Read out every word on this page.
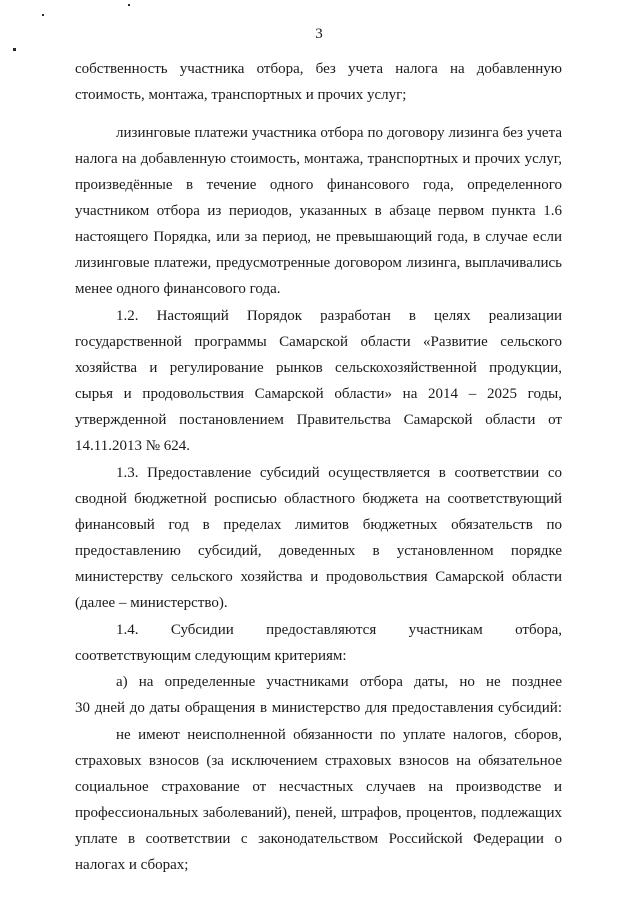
3
собственность участника отбора, без учета налога на добавленную
стоимость, монтажа, транспортных и прочих услуг;
лизинговые платежи участника отбора по договору лизинга без учета
налога на добавленную стоимость, монтажа, транспортных и прочих услуг,
произведённые в течение одного финансового года, определенного
участником отбора из периодов, указанных в абзаце первом пункта 1.6
настоящего Порядка, или за период, не превышающий года, в случае если
лизинговые платежи, предусмотренные договором лизинга, выплачивались
менее одного финансового года.
1.2. Настоящий Порядок разработан в целях реализации
государственной программы Самарской области «Развитие сельского
хозяйства и регулирование рынков сельскохозяйственной продукции,
сырья и продовольствия Самарской области» на 2014 – 2025 годы,
утвержденной постановлением Правительства Самарской области от
14.11.2013 № 624.
1.3. Предоставление субсидий осуществляется в соответствии со
сводной бюджетной росписью областного бюджета на соответствующий
финансовый год в пределах лимитов бюджетных обязательств по
предоставлению субсидий, доведенных в установленном порядке
министерству сельского хозяйства и продовольствия Самарской области
(далее – министерство).
1.4. Субсидии предоставляются участникам отбора,
соответствующим следующим критериям:
а) на определенные участниками отбора даты, но не позднее
30 дней до даты обращения в министерство для предоставления субсидий:
не имеют неисполненной обязанности по уплате налогов, сборов,
страховых взносов (за исключением страховых взносов на обязательное
социальное страхование от несчастных случаев на производстве и
профессиональных заболеваний), пеней, штрафов, процентов, подлежащих
уплате в соответствии с законодательством Российской Федерации о
налогах и сборах;
